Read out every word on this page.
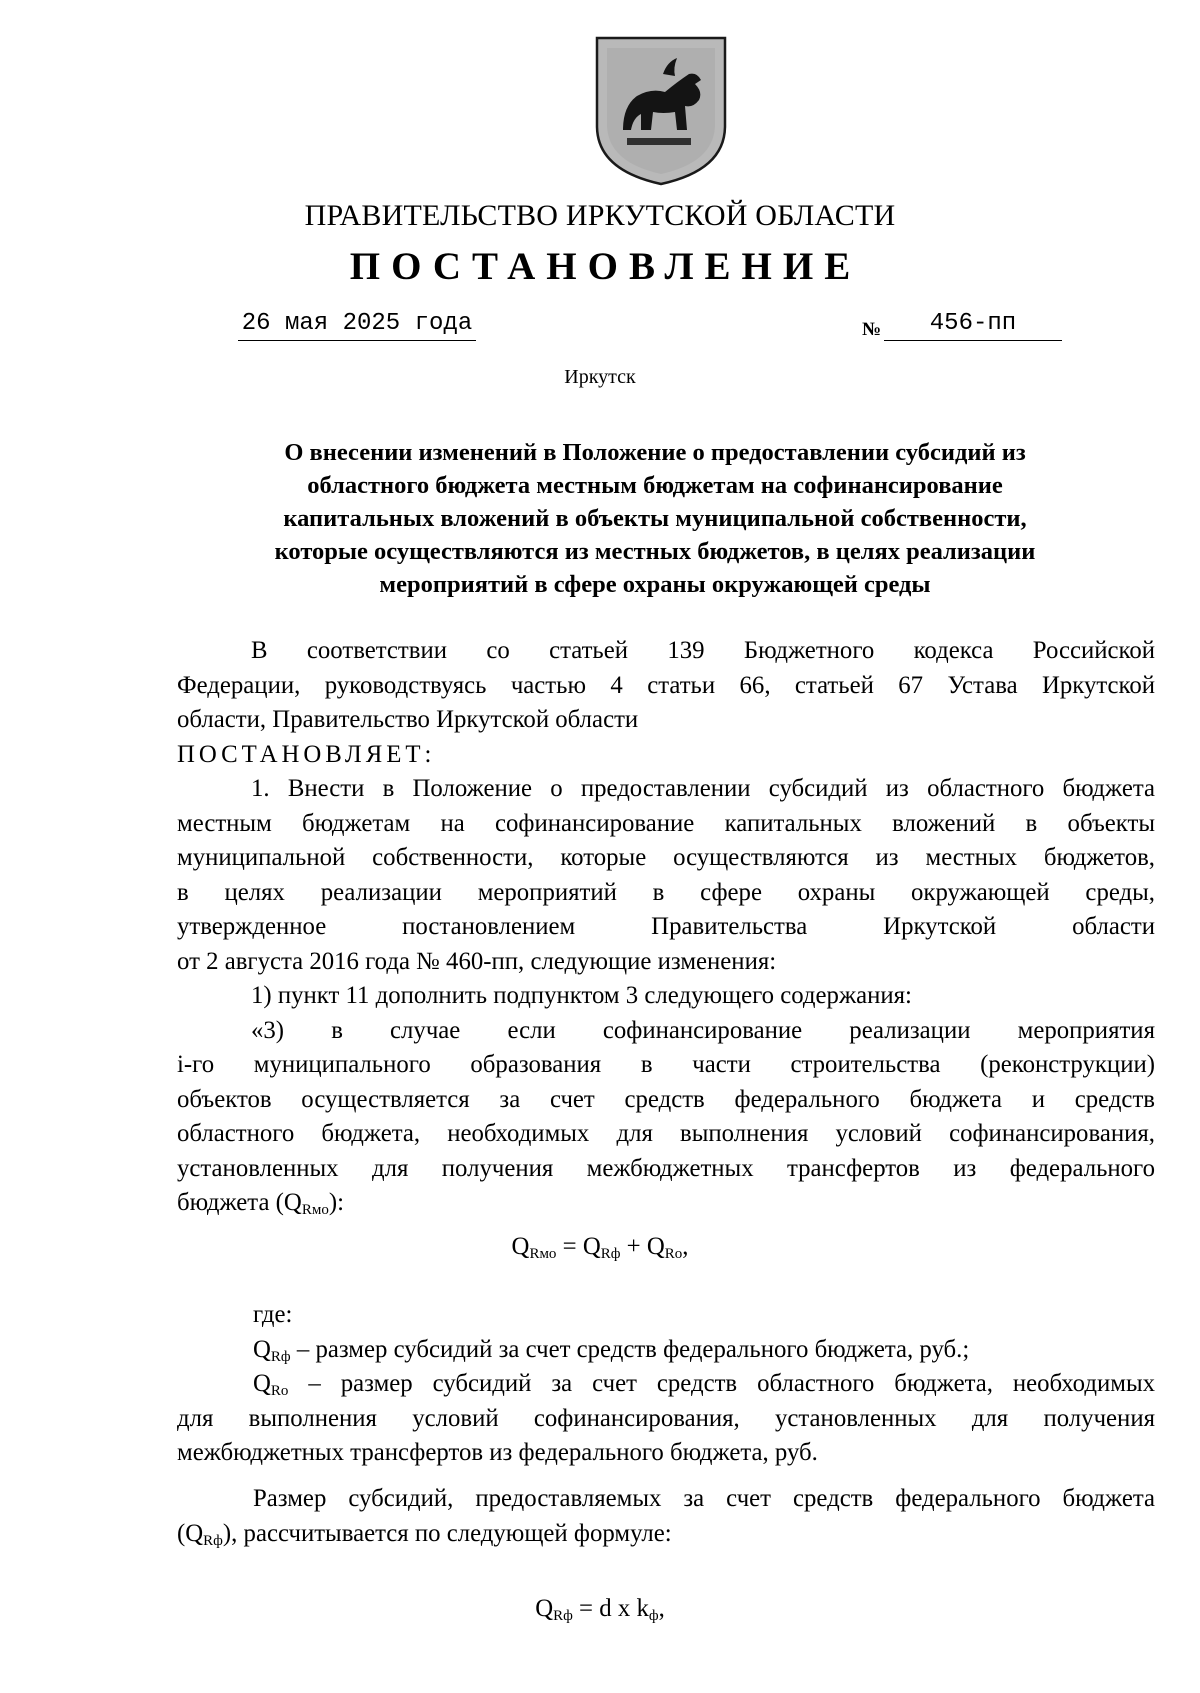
ПРАВИТЕЛЬСТВО ИРКУТСКОЙ ОБЛАСТИ
ПОСТАНОВЛЕНИЕ
26 мая 2025 года	№	456-пп
Иркутск
О внесении изменений в Положение о предоставлении субсидий из
областного бюджета местным бюджетам на софинансирование
капитальных вложений в объекты муниципальной собственности,
которые осуществляются из местных бюджетов, в целях реализации
мероприятий в сфере охраны окружающей среды
В соответствии со статьей 139 Бюджетного кодекса Российской
Федерации, руководствуясь частью 4 статьи 66, статьей 67 Устава Иркутской
области, Правительство Иркутской области
ПОСТАНОВЛЯЕТ:
1. Внести в Положение о предоставлении субсидий из областного бюджета
местным бюджетам на софинансирование капитальных вложений в объекты
муниципальной собственности, которые осуществляются из местных бюджетов,
в целях реализации мероприятий в сфере охраны окружающей среды,
утвержденное постановлением Правительства Иркутской области
от 2 августа 2016 года № 460-пп, следующие изменения:
1) пункт 11 дополнить подпунктом 3 следующего содержания:
«3) в случае если софинансирование реализации мероприятия
i-го муниципального образования в части строительства (реконструкции)
объектов осуществляется за счет средств федерального бюджета и средств
областного бюджета, необходимых для выполнения условий софинансирования,
установленных для получения межбюджетных трансфертов из федерального
бюджета (QRмо):
QRмо = QRф + QRo,
где:
QRф – размер субсидий за счет средств федерального бюджета, руб.;
QRo – размер субсидий за счет средств областного бюджета, необходимых
для выполнения условий софинансирования, установленных для получения
межбюджетных трансфертов из федерального бюджета, руб.
Размер субсидий, предоставляемых за счет средств федерального бюджета
(QRф), рассчитывается по следующей формуле:
QRф = d x kф,
